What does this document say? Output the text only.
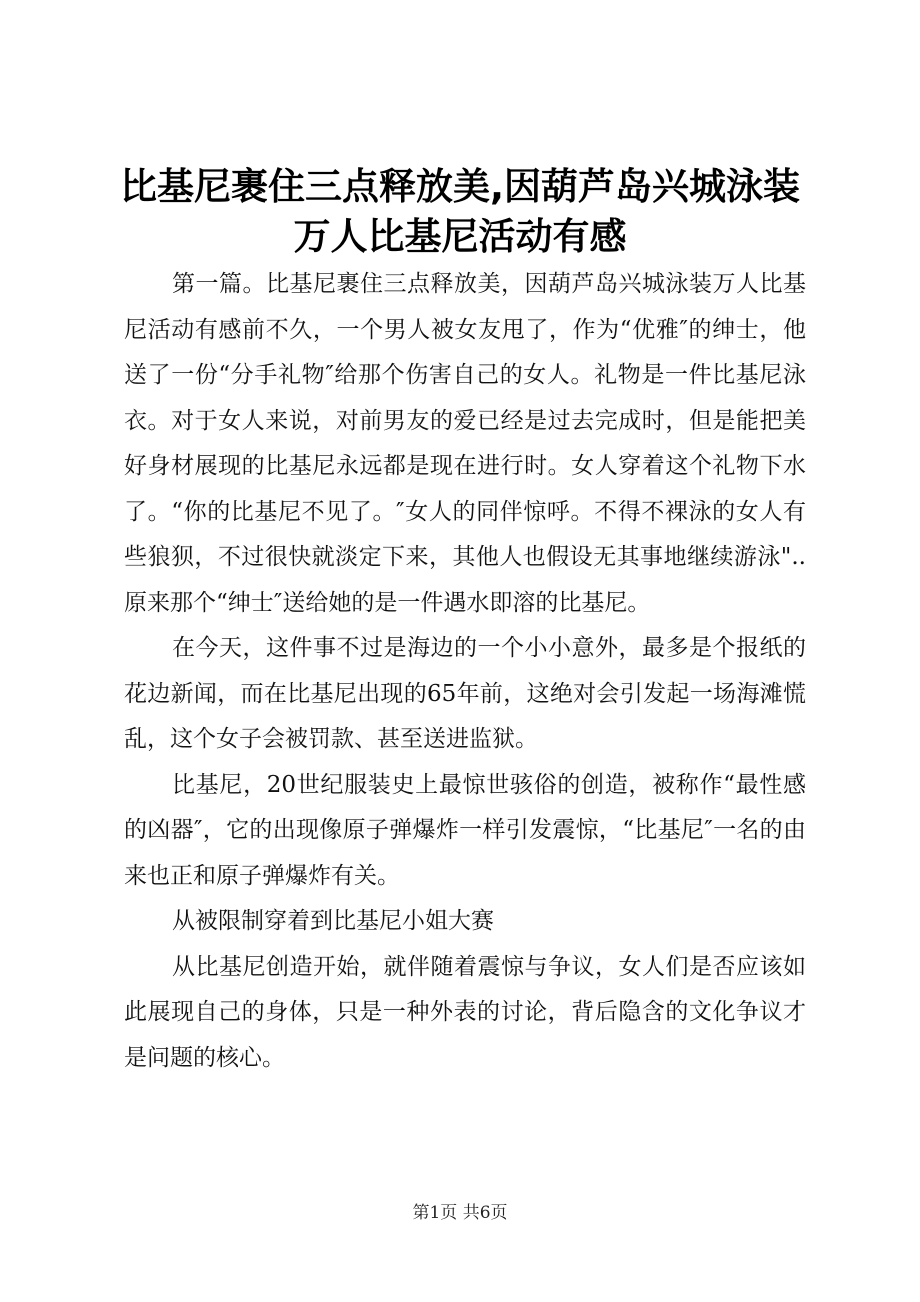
比基尼裹住三点释放美,因葫芦岛兴城泳装万人比基尼活动有感

第一篇。比基尼裹住三点释放美，因葫芦岛兴城泳装万人比基尼活动有感前不久，一个男人被女友甩了，作为“优雅″的绅士，他送了一份“分手礼物″给那个伤害自己的女人。礼物是一件比基尼泳衣。对于女人来说，对前男友的爱已经是过去完成时，但是能把美好身材展现的比基尼永远都是现在进行时。女人穿着这个礼物下水了。“你的比基尼不见了。″女人的同伴惊呼。不得不裸泳的女人有些狼狈，不过很快就淡定下来，其他人也假设无其事地继续游泳"..原来那个“绅士″送给她的是一件遇水即溶的比基尼。

在今天，这件事不过是海边的一个小小意外，最多是个报纸的花边新闻，而在比基尼出现的65年前，这绝对会引发起一场海滩慌乱，这个女子会被罚款、甚至送进监狱。

比基尼，20世纪服装史上最惊世骇俗的创造，被称作“最性感的凶器″，它的出现像原子弹爆炸一样引发震惊，“比基尼″一名的由来也正和原子弹爆炸有关。

从被限制穿着到比基尼小姐大赛

从比基尼创造开始，就伴随着震惊与争议，女人们是否应该如此展现自己的身体，只是一种外表的讨论，背后隐含的文化争议才是问题的核心。

第1页 共6页
